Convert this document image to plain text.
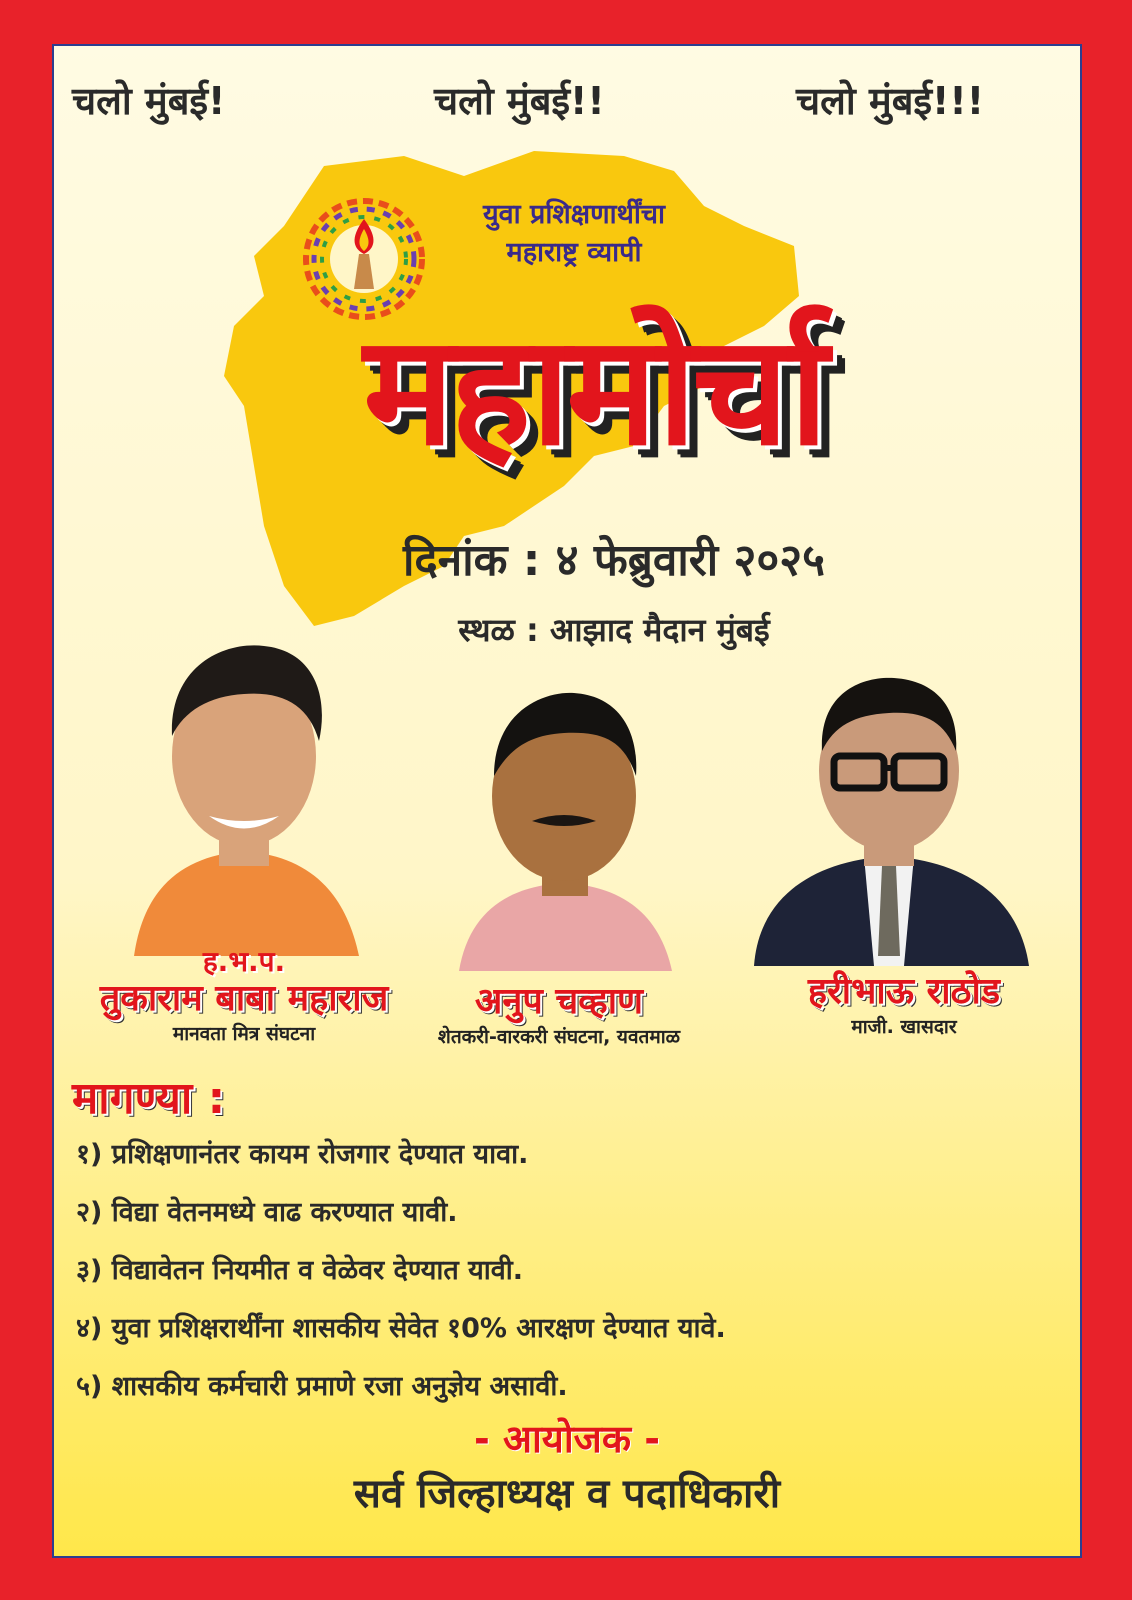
चलो मुंबई!	चलो मुंबई!!	चलो मुंबई!!!
युवा प्रशिक्षणार्थींचा
महाराष्ट्र व्यापी
महामोर्चा
दिनांक : ४ फेब्रुवारी २०२५
स्थळ : आझाद मैदान मुंबई
ह.भ.प.
तुकाराम बाबा महाराज
मानवता मित्र संघटना
अनुप चव्हाण
शेतकरी-वारकरी संघटना, यवतमाळ
हरीभाऊ राठोड
माजी. खासदार
मागण्या :
१) प्रशिक्षणानंतर कायम रोजगार देण्यात यावा.
२) विद्या वेतनमध्ये वाढ करण्यात यावी.
३) विद्यावेतन नियमीत व वेळेवर देण्यात यावी.
४) युवा प्रशिक्षरार्थींना शासकीय सेवेत १0% आरक्षण देण्यात यावे.
५) शासकीय कर्मचारी प्रमाणे रजा अनुज्ञेय असावी.
- आयोजक -
सर्व जिल्हाध्यक्ष व पदाधिकारी
